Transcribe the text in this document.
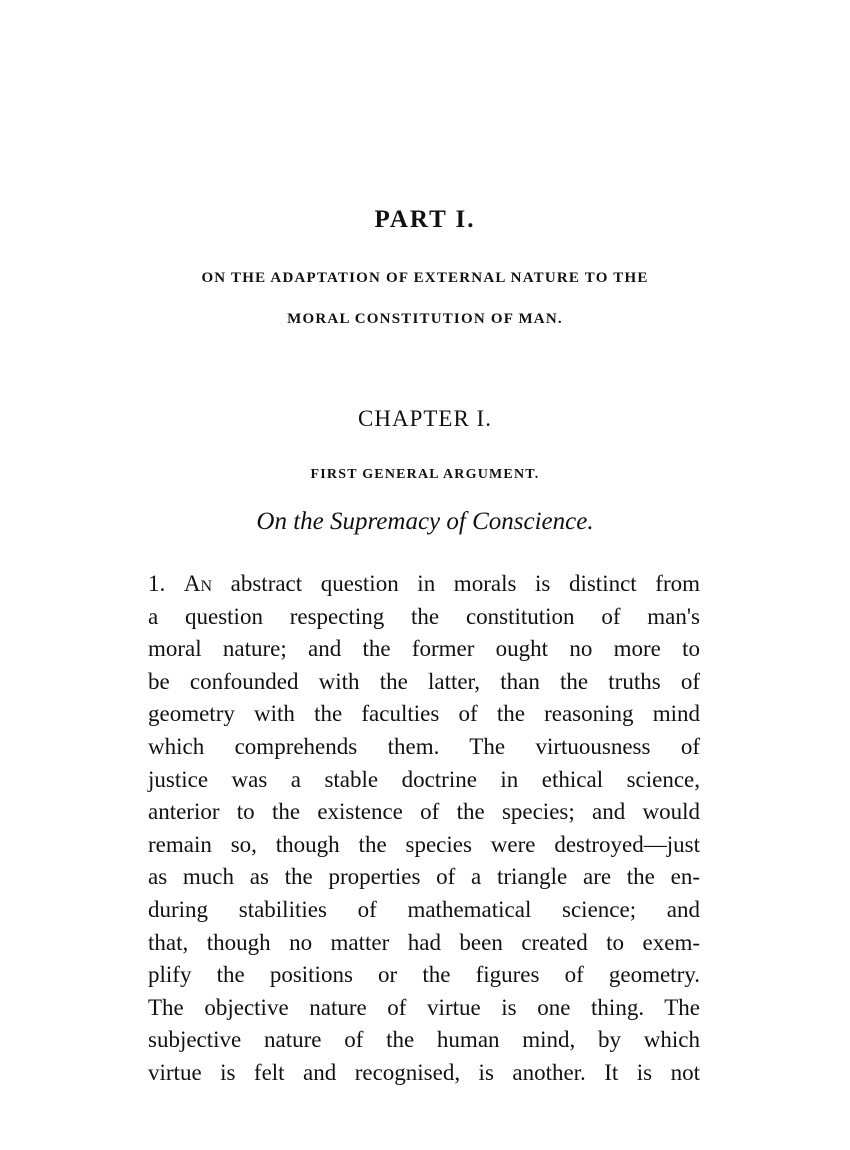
PART I.
ON THE ADAPTATION OF EXTERNAL NATURE TO THE
MORAL CONSTITUTION OF MAN.
CHAPTER I.
FIRST GENERAL ARGUMENT.
On the Supremacy of Conscience.
1. An abstract question in morals is distinct from
a question respecting the constitution of man's
moral nature; and the former ought no more to
be confounded with the latter, than the truths of
geometry with the faculties of the reasoning mind
which comprehends them. The virtuousness of
justice was a stable doctrine in ethical science,
anterior to the existence of the species; and would
remain so, though the species were destroyed—just
as much as the properties of a triangle are the en-
during stabilities of mathematical science; and
that, though no matter had been created to exem-
plify the positions or the figures of geometry.
The objective nature of virtue is one thing. The
subjective nature of the human mind, by which
virtue is felt and recognised, is another. It is not
